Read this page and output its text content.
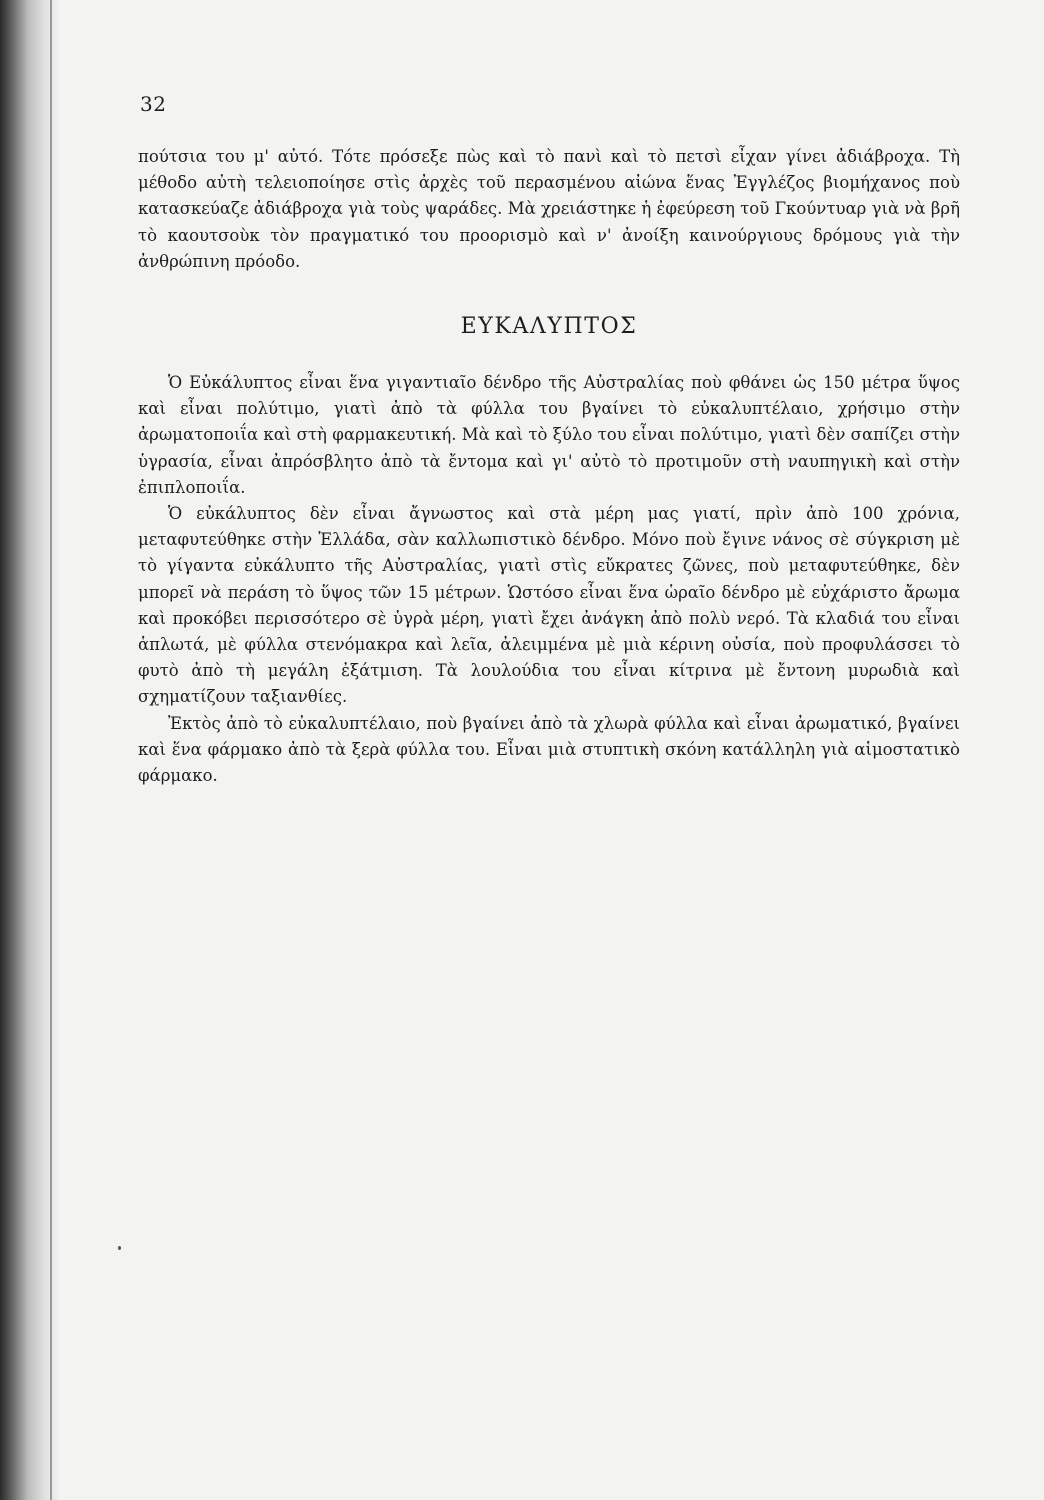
32

πούτσια του μ' αὐτό. Τότε πρόσεξε πὼς καὶ τὸ πανὶ καὶ τὸ πετσὶ εἶχαν γίνει ἀδιάβροχα. Τὴ μέθοδο αὐτὴ τελειοποίησε στὶς ἀρχὲς τοῦ περασμένου αἰώνα ἕνας Ἐγγλέζος βιομήχανος ποὺ κατασκεύαζε ἀδιάβροχα γιὰ τοὺς ψαράδες. Μὰ χρειάστηκε ἡ ἐφεύρεση τοῦ Γκούντυαρ γιὰ νὰ βρῆ τὸ καουτσοὺκ τὸν πραγματικό του προορισμὸ καὶ ν' ἀνοίξη καινούργιους δρόμους γιὰ τὴν ἀνθρώπινη πρόοδο.

ΕΥΚΑΛΥΠΤΟΣ

Ὁ Εὐκάλυπτος εἶναι ἕνα γιγαντιαῖο δένδρο τῆς Αὐστραλίας ποὺ φθάνει ὡς 150 μέτρα ὕψος καὶ εἶναι πολύτιμο, γιατὶ ἀπὸ τὰ φύλλα του βγαίνει τὸ εὐκαλυπτέλαιο, χρήσιμο στὴν ἀρωματοποιΐα καὶ στὴ φαρμακευτική. Μὰ καὶ τὸ ξύλο του εἶναι πολύτιμο, γιατὶ δὲν σαπίζει στὴν ὑγρασία, εἶναι ἀπρόσβλητο ἀπὸ τὰ ἔντομα καὶ γι' αὐτὸ τὸ προτιμοῦν στὴ ναυπηγικὴ καὶ στὴν ἐπιπλοποιΐα.

Ὁ εὐκάλυπτος δὲν εἶναι ἄγνωστος καὶ στὰ μέρη μας γιατί, πρὶν ἀπὸ 100 χρόνια, μεταφυτεύθηκε στὴν Ἑλλάδα, σὰν καλλωπιστικὸ δένδρο. Μόνο ποὺ ἔγινε νάνος σὲ σύγκριση μὲ τὸ γίγαντα εὐκάλυπτο τῆς Αὐστραλίας, γιατὶ στὶς εὔκρατες ζῶνες, ποὺ μεταφυτεύθηκε, δὲν μπορεῖ νὰ περάση τὸ ὕψος τῶν 15 μέτρων. Ὡστόσο εἶναι ἕνα ὡραῖο δένδρο μὲ εὐχάριστο ἄρωμα καὶ προκόβει περισσότερο σὲ ὑγρὰ μέρη, γιατὶ ἔχει ἀνάγκη ἀπὸ πολὺ νερό. Τὰ κλαδιά του εἶναι ἁπλωτά, μὲ φύλλα στενόμακρα καὶ λεῖα, ἀλειμμένα μὲ μιὰ κέρινη οὐσία, ποὺ προφυλάσσει τὸ φυτὸ ἀπὸ τὴ μεγάλη ἐξάτμιση. Τὰ λουλούδια του εἶναι κίτρινα μὲ ἔντονη μυρωδιὰ καὶ σχηματίζουν ταξιανθίες.

Ἐκτὸς ἀπὸ τὸ εὐκαλυπτέλαιο, ποὺ βγαίνει ἀπὸ τὰ χλωρὰ φύλλα καὶ εἶναι ἀρωματικό, βγαίνει καὶ ἕνα φάρμακο ἀπὸ τὰ ξερὰ φύλλα του. Εἶναι μιὰ στυπτικὴ σκόνη κατάλληλη γιὰ αἱμοστατικὸ φάρμακο.
